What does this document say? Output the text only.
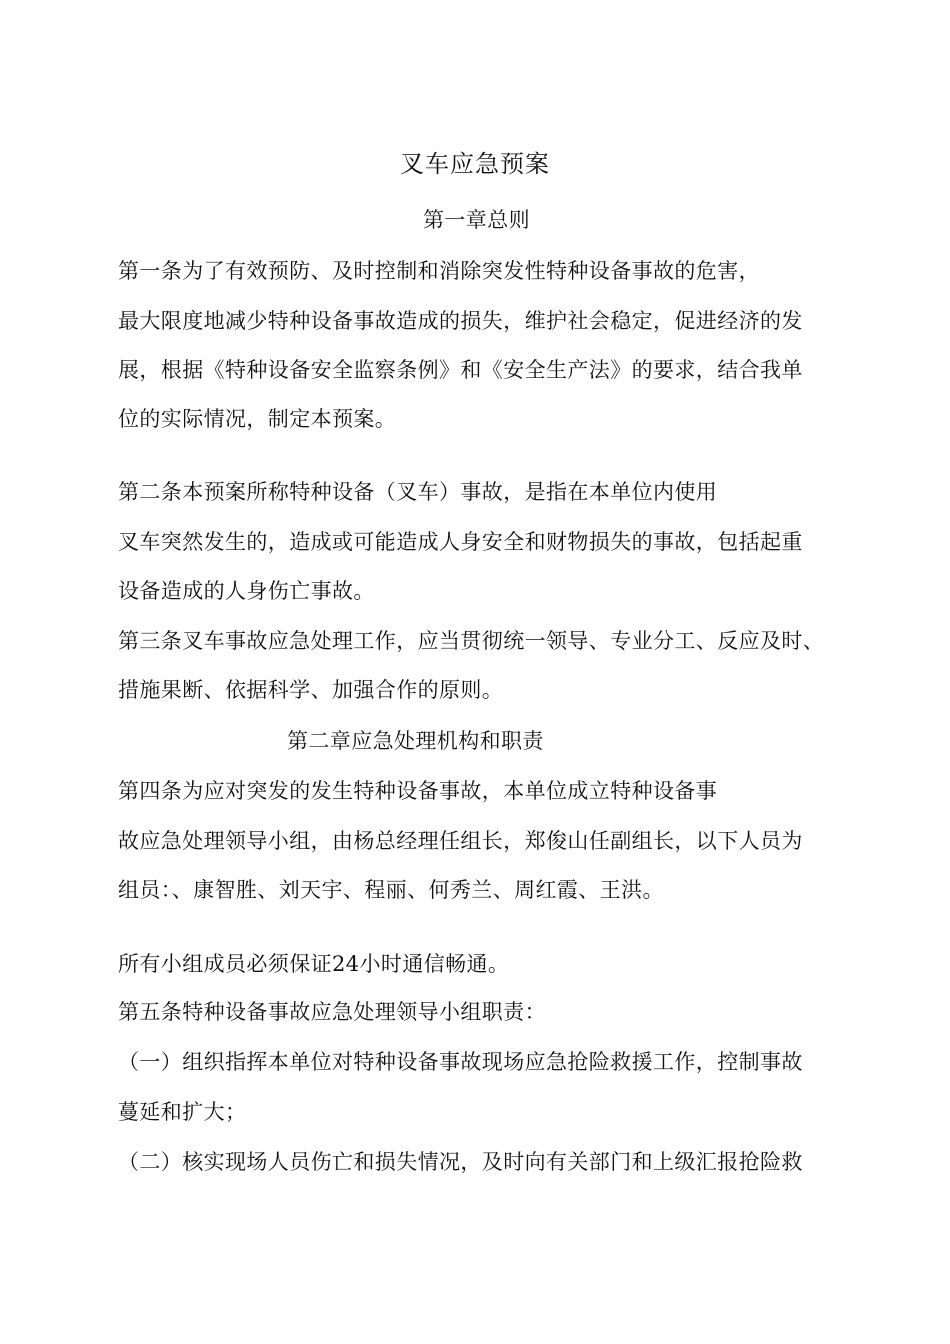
叉车应急预案
第一章总则
第一条为了有效预防、及时控制和消除突发性特种设备事故的危害，
最大限度地减少特种设备事故造成的损失，维护社会稳定，促进经济的发
展，根据《特种设备安全监察条例》和《安全生产法》的要求，结合我单
位的实际情况，制定本预案。
第二条本预案所称特种设备（叉车）事故，是指在本单位内使用
叉车突然发生的，造成或可能造成人身安全和财物损失的事故，包括起重
设备造成的人身伤亡事故。
第三条叉车事故应急处理工作，应当贯彻统一领导、专业分工、反应及时、
措施果断、依据科学、加强合作的原则。
第二章应急处理机构和职责
第四条为应对突发的发生特种设备事故，本单位成立特种设备事
故应急处理领导小组，由杨总经理任组长，郑俊山任副组长，以下人员为
组员：、康智胜、刘天宇、程丽、何秀兰、周红霞、王洪。
所有小组成员必须保证24小时通信畅通。
第五条特种设备事故应急处理领导小组职责：
（一）组织指挥本单位对特种设备事故现场应急抢险救援工作，控制事故
蔓延和扩大；
（二）核实现场人员伤亡和损失情况，及时向有关部门和上级汇报抢险救
